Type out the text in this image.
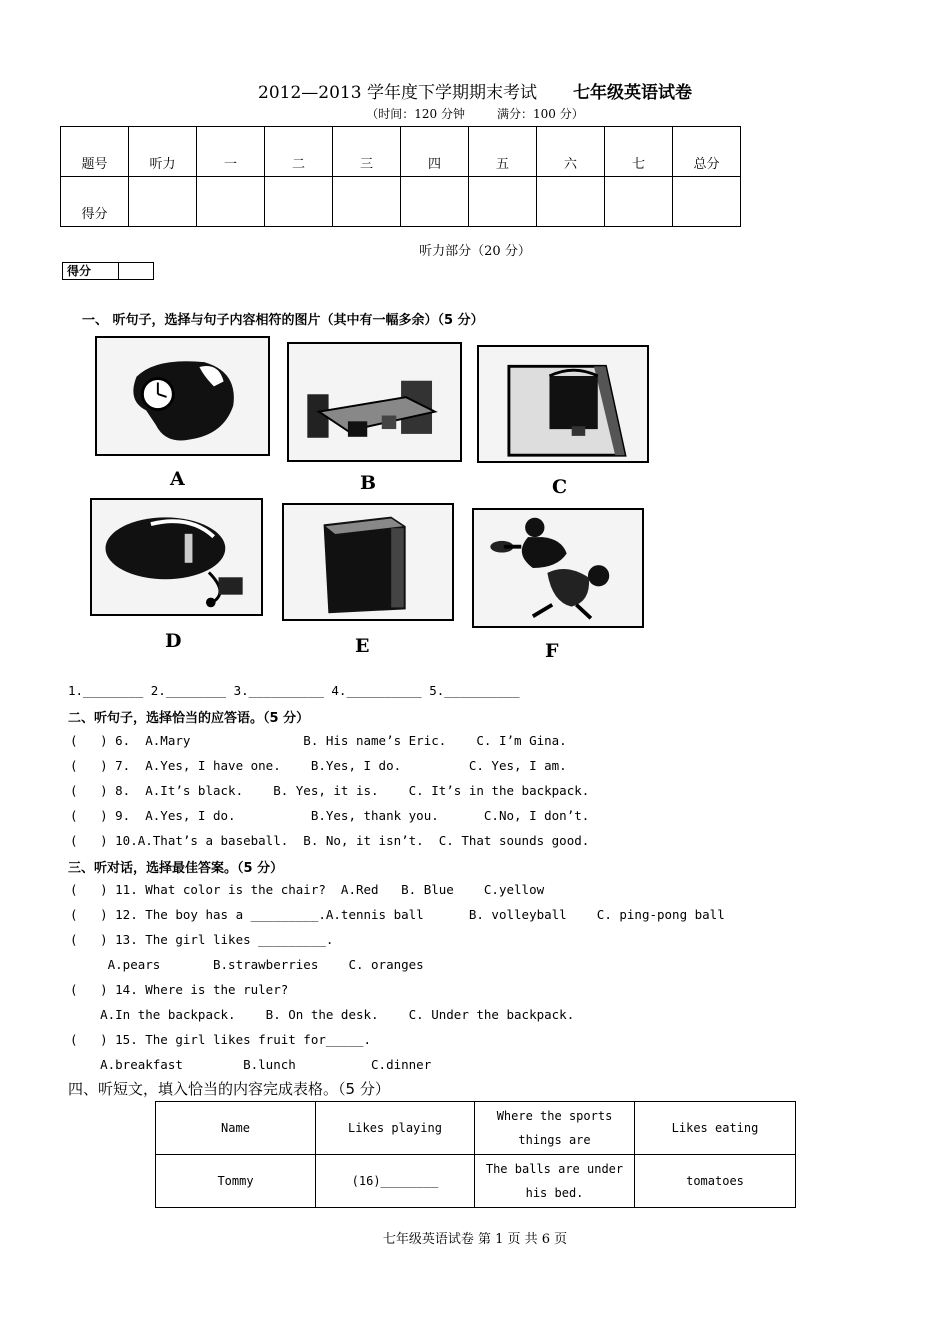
2012—2013 学年度下学期期末考试 七年级英语试卷
（时间：120 分钟	满分：100 分）
题号	听力	一	二	三	四	五	六	七	总分
得分									
听力部分（20 分）
得分
一、 听句子，选择与句子内容相符的图片（其中有一幅多余）（5 分）
A	B	C
D	E	F
1.________ 2.________ 3.__________ 4.__________ 5.__________
二、听句子，选择恰当的应答语。（5 分）
(   ) 6.  A.Mary               B. His name’s Eric.    C. I’m Gina.
(   ) 7.  A.Yes, I have one.    B.Yes, I do.         C. Yes, I am.
(   ) 8.  A.It’s black.    B. Yes, it is.    C. It’s in the backpack.
(   ) 9.  A.Yes, I do.          B.Yes, thank you.      C.No, I don’t.
(   ) 10.A.That’s a baseball.  B. No, it isn’t.  C. That sounds good.
三、听对话，选择最佳答案。（5 分）
(   ) 11. What color is the chair?  A.Red   B. Blue    C.yellow
(   ) 12. The boy has a _________.A.tennis ball      B. volleyball    C. ping-pong ball
(   ) 13. The girl likes _________.
A.pears       B.strawberries    C. oranges
(   ) 14. Where is the ruler?
A.In the backpack.    B. On the desk.    C. Under the backpack.
(   ) 15. The girl likes fruit for_____.
A.breakfast        B.lunch          C.dinner
四、听短文，填入恰当的内容完成表格。（5 分）
Name	Likes playing	Where the sports things are	Likes eating
Tommy	(16)________	The balls are under his bed.	tomatoes
七年级英语试卷 第 1 页 共 6 页
